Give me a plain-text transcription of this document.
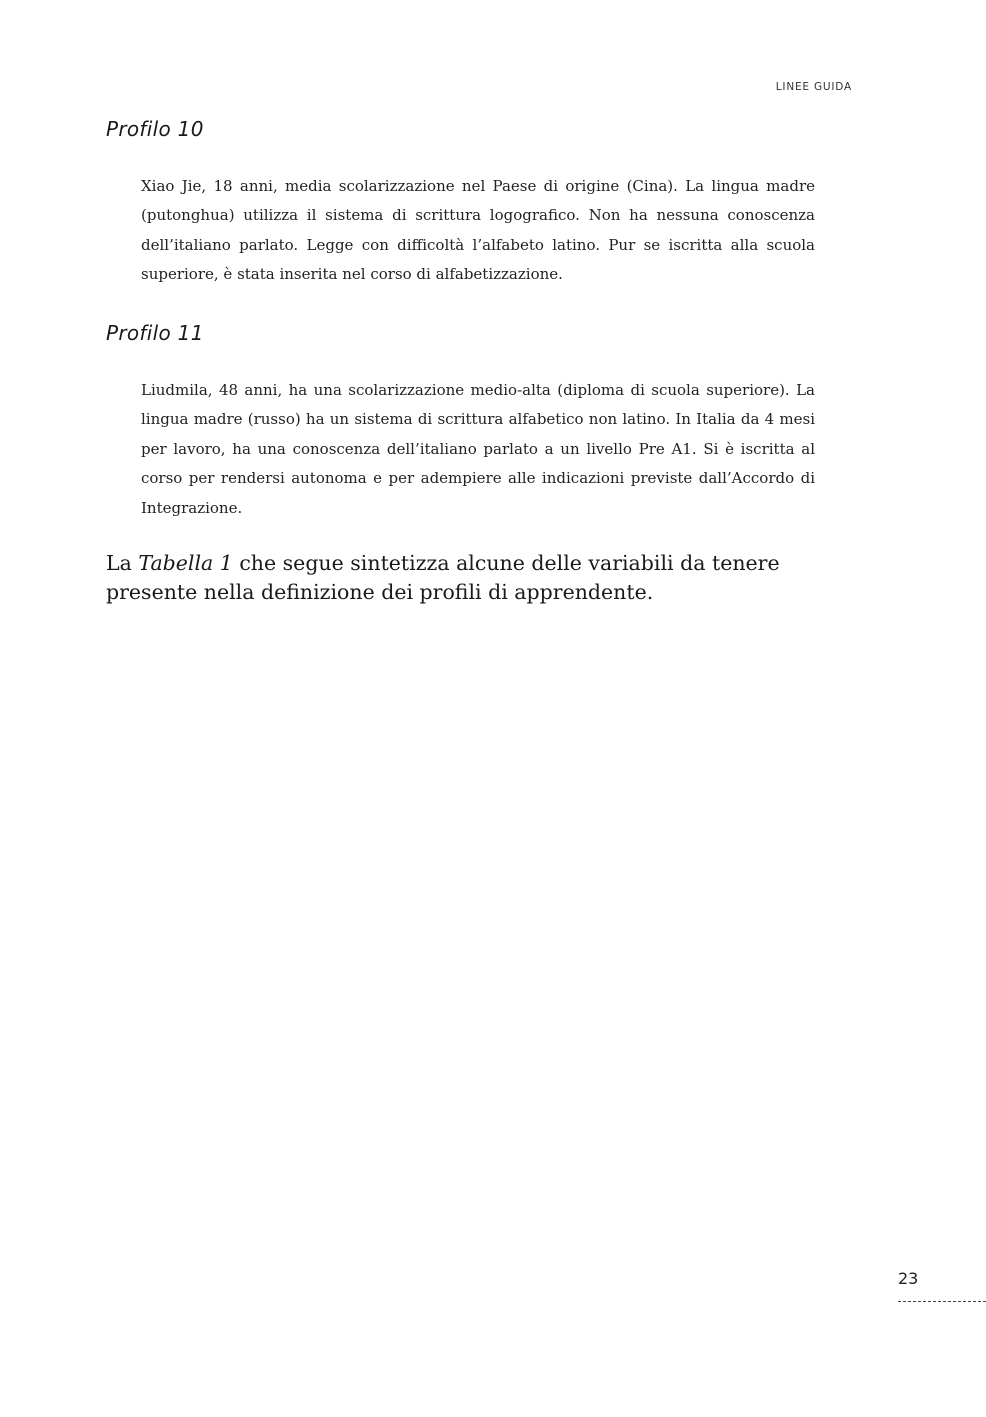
LINEE GUIDA
Profilo 10

Xiao Jie, 18 anni, media scolarizzazione nel Paese di origine (Cina). La lingua madre (putonghua) utilizza il sistema di scrittura logografico. Non ha nessuna conoscenza dell’italiano parlato. Legge con difficoltà l’alfabeto latino. Pur se iscritta alla scuola superiore, è stata inserita nel corso di alfabetizzazione.

Profilo 11

Liudmila, 48 anni, ha una scolarizzazione medio-alta (diploma di scuola superiore). La lingua madre (russo) ha un sistema di scrittura alfabetico non latino. In Italia da 4 mesi per lavoro, ha una conoscenza dell’italiano parlato a un livello Pre A1. Si è iscritta al corso per rendersi autonoma e per adempiere alle indicazioni previste dall’Accordo di Integrazione.

La Tabella 1 che segue sintetizza alcune delle variabili da tenere presente nella definizione dei profili di apprendente.

23
